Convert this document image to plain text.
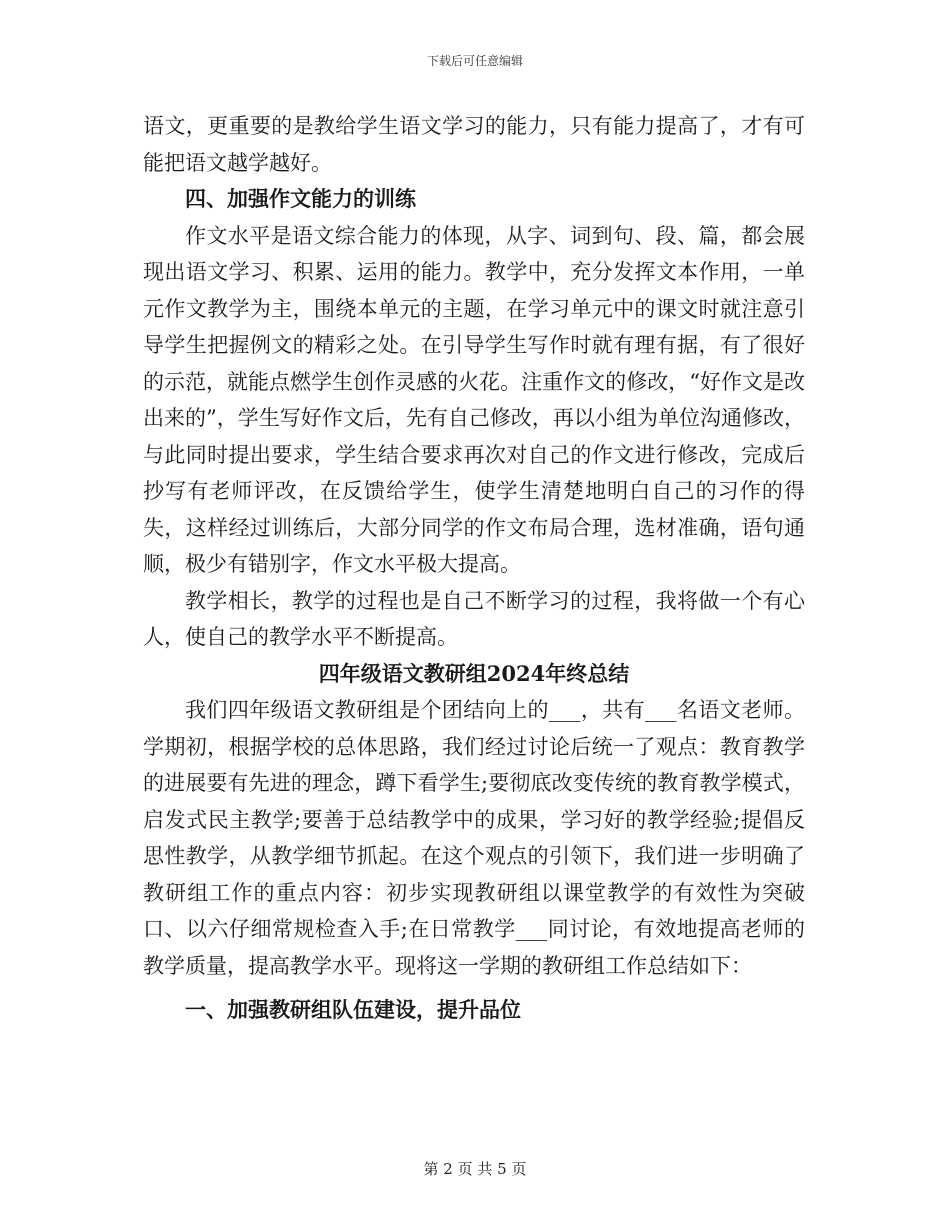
下载后可任意编辑

语文，更重要的是教给学生语文学习的能力，只有能力提高了，才有可能把语文越学越好。

四、加强作文能力的训练

作文水平是语文综合能力的体现，从字、词到句、段、篇，都会展现出语文学习、积累、运用的能力。教学中，充分发挥文本作用，一单元作文教学为主，围绕本单元的主题，在学习单元中的课文时就注意引导学生把握例文的精彩之处。在引导学生写作时就有理有据，有了很好的示范，就能点燃学生创作灵感的火花。注重作文的修改，“好作文是改出来的”，学生写好作文后，先有自己修改，再以小组为单位沟通修改，与此同时提出要求，学生结合要求再次对自己的作文进行修改，完成后抄写有老师评改，在反馈给学生，使学生清楚地明白自己的习作的得失，这样经过训练后，大部分同学的作文布局合理，选材准确，语句通顺，极少有错别字，作文水平极大提高。

教学相长，教学的过程也是自己不断学习的过程，我将做一个有心人，使自己的教学水平不断提高。

四年级语文教研组2024年终总结

我们四年级语文教研组是个团结向上的___，共有___名语文老师。学期初，根据学校的总体思路，我们经过讨论后统一了观点：教育教学的进展要有先进的理念，蹲下看学生;要彻底改变传统的教育教学模式，启发式民主教学;要善于总结教学中的成果，学习好的教学经验;提倡反思性教学，从教学细节抓起。在这个观点的引领下，我们进一步明确了教研组工作的重点内容：初步实现教研组以课堂教学的有效性为突破口、以六仔细常规检查入手;在日常教学___同讨论，有效地提高老师的教学质量，提高教学水平。现将这一学期的教研组工作总结如下：

一、加强教研组队伍建设，提升品位

第 2 页 共 5 页
